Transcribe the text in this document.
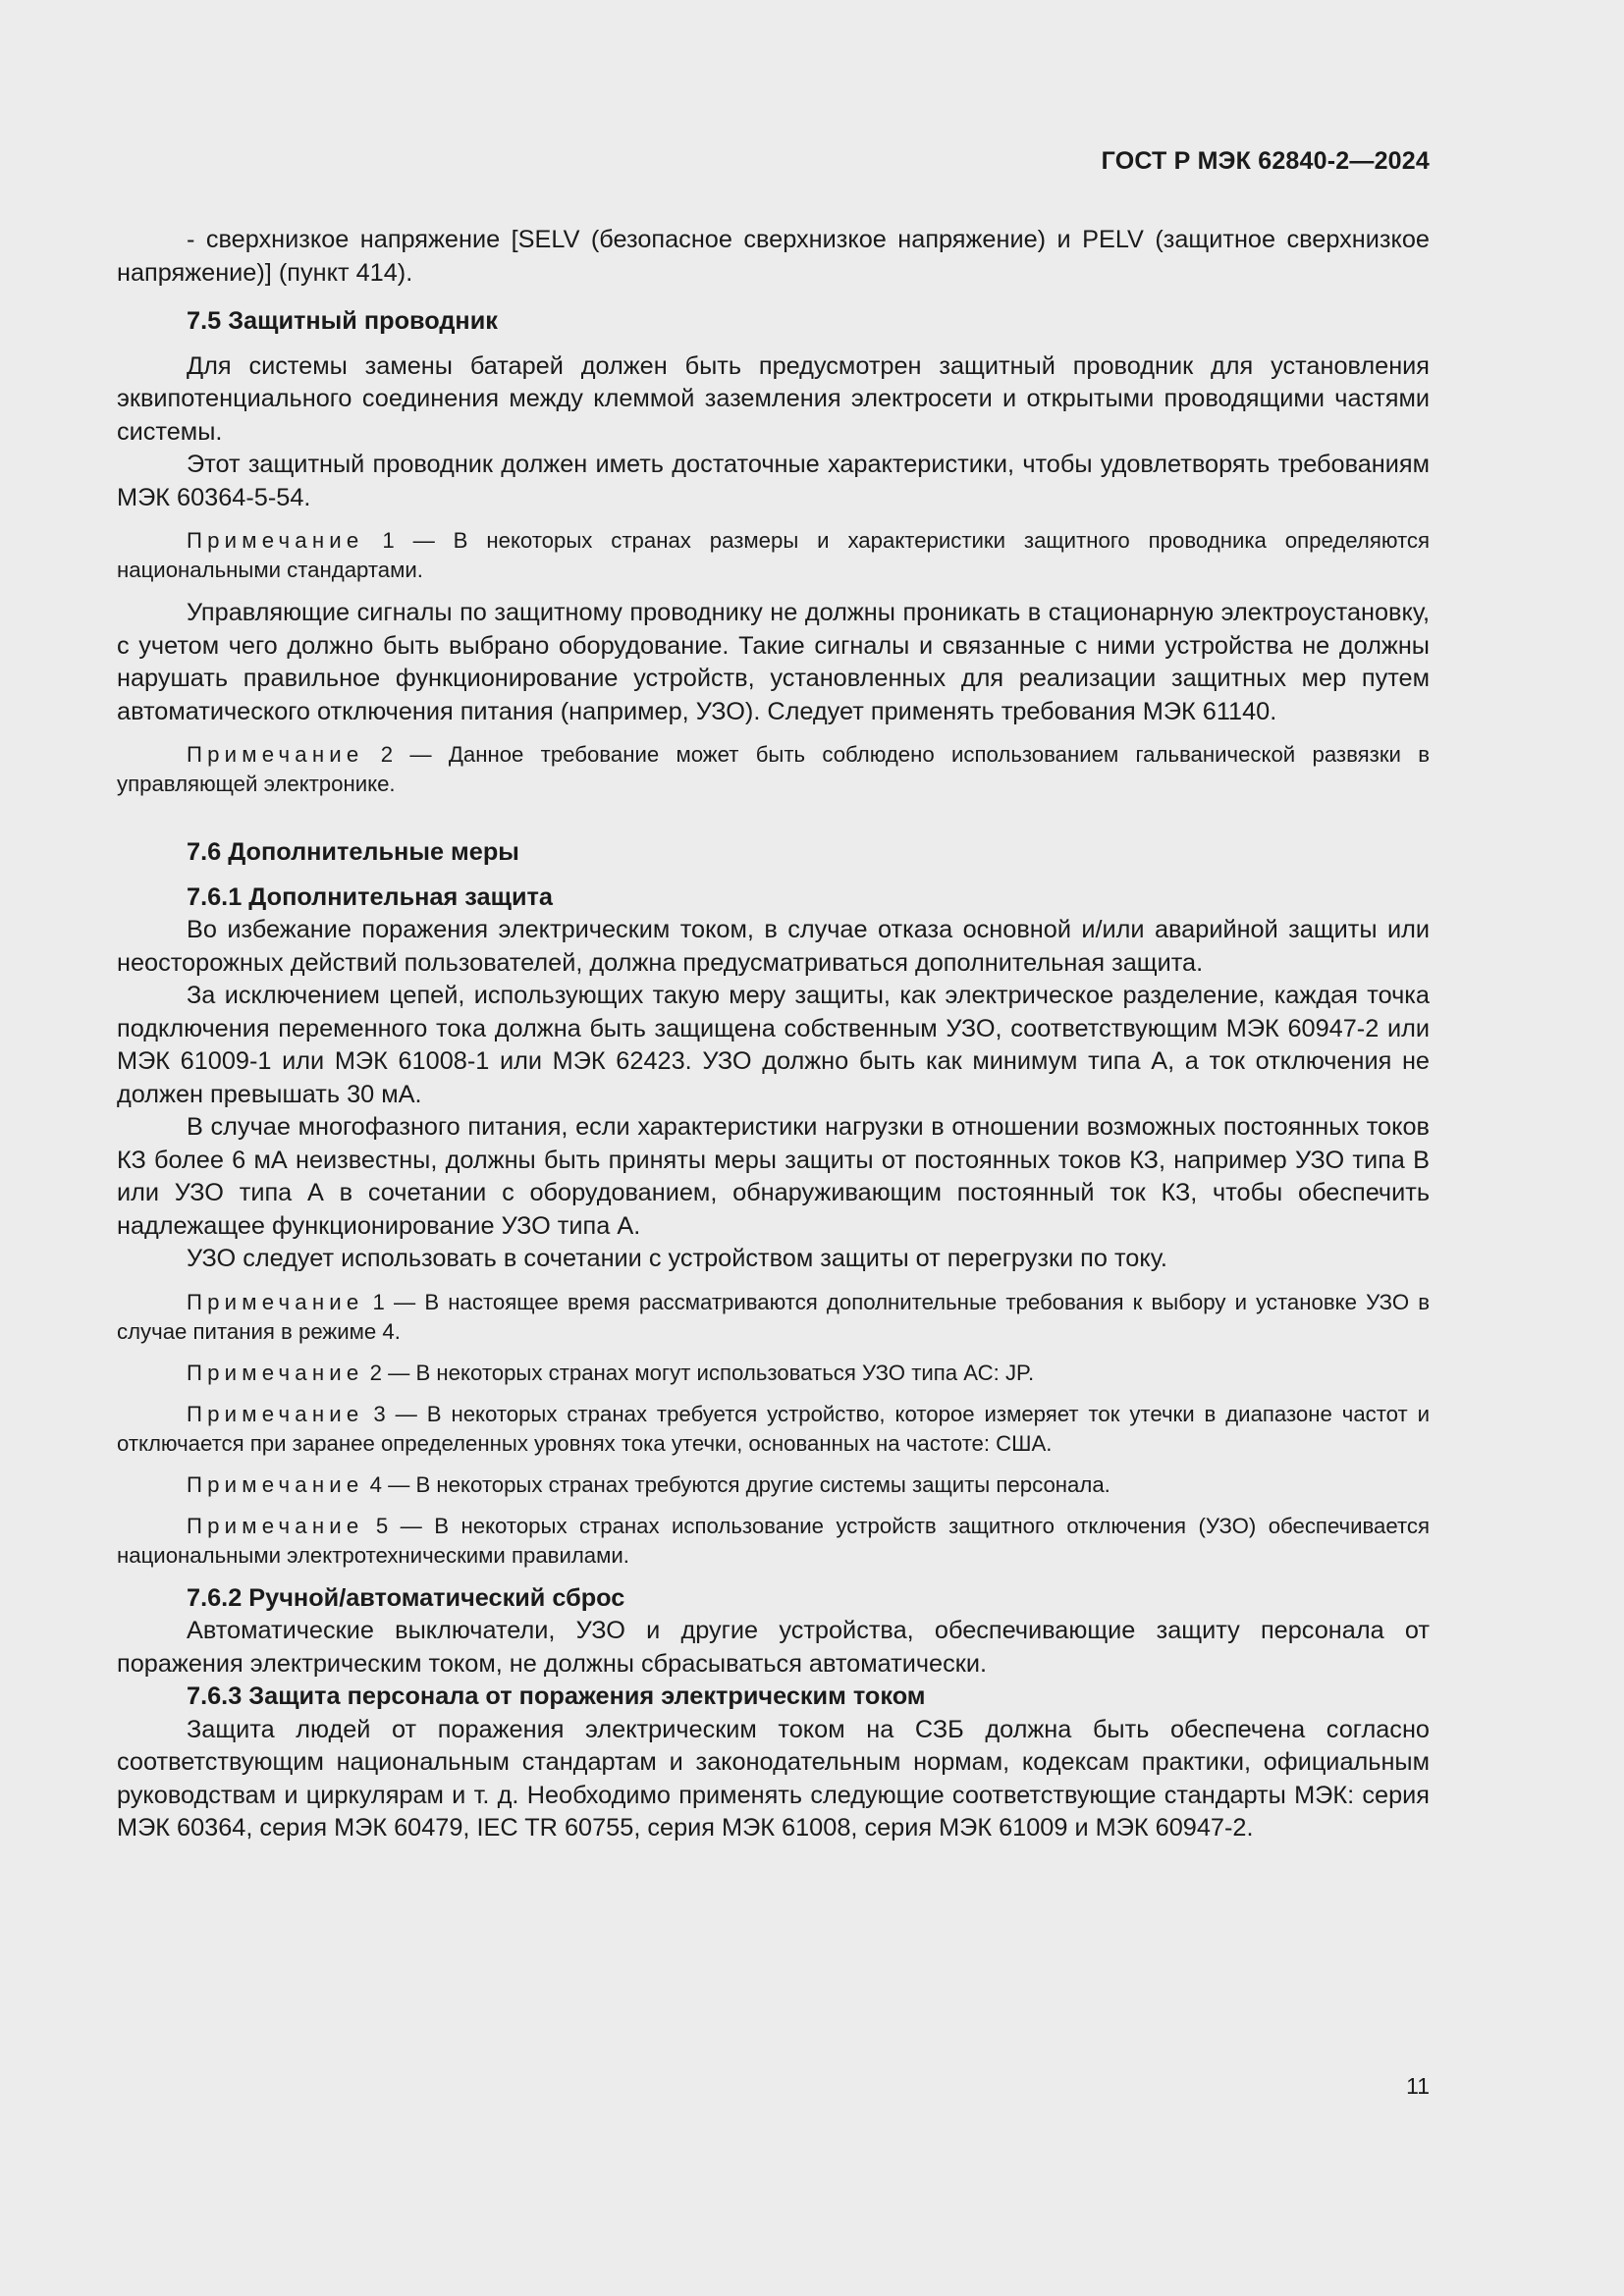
ГОСТ Р МЭК 62840-2—2024

- сверхнизкое напряжение [SELV (безопасное сверхнизкое напряжение) и PELV (защитное сверхнизкое напряжение)] (пункт 414).

7.5 Защитный проводник

Для системы замены батарей должен быть предусмотрен защитный проводник для установления эквипотенциального соединения между клеммой заземления электросети и открытыми проводящими частями системы.

Этот защитный проводник должен иметь достаточные характеристики, чтобы удовлетворять требованиям МЭК 60364-5-54.

Примечание 1 — В некоторых странах размеры и характеристики защитного проводника определяются национальными стандартами.

Управляющие сигналы по защитному проводнику не должны проникать в стационарную электроустановку, с учетом чего должно быть выбрано оборудование. Такие сигналы и связанные с ними устройства не должны нарушать правильное функционирование устройств, установленных для реализации защитных мер путем автоматического отключения питания (например, УЗО). Следует применять требования МЭК 61140.

Примечание 2 — Данное требование может быть соблюдено использованием гальванической развязки в управляющей электронике.
7.6 Дополнительные меры
7.6.1 Дополнительная защита

Во избежание поражения электрическим током, в случае отказа основной и/или аварийной защиты или неосторожных действий пользователей, должна предусматриваться дополнительная защита.

За исключением цепей, использующих такую меру защиты, как электрическое разделение, каждая точка подключения переменного тока должна быть защищена собственным УЗО, соответствующим МЭК 60947-2 или МЭК 61009-1 или МЭК 61008-1 или МЭК 62423. УЗО должно быть как минимум типа А, а ток отключения не должен превышать 30 мА.

В случае многофазного питания, если характеристики нагрузки в отношении возможных постоянных токов КЗ более 6 мА неизвестны, должны быть приняты меры защиты от постоянных токов КЗ, например УЗО типа В или УЗО типа А в сочетании с оборудованием, обнаруживающим постоянный ток КЗ, чтобы обеспечить надлежащее функционирование УЗО типа А.

УЗО следует использовать в сочетании с устройством защиты от перегрузки по току.

Примечание 1 — В настоящее время рассматриваются дополнительные требования к выбору и установке УЗО в случае питания в режиме 4.
Примечание 2 — В некоторых странах могут использоваться УЗО типа АС: JP.
Примечание 3 — В некоторых странах требуется устройство, которое измеряет ток утечки в диапазоне частот и отключается при заранее определенных уровнях тока утечки, основанных на частоте: США.
Примечание 4 — В некоторых странах требуются другие системы защиты персонала.
Примечание 5 — В некоторых странах использование устройств защитного отключения (УЗО) обеспечивается национальными электротехническими правилами.
7.6.2 Ручной/автоматический сброс

Автоматические выключатели, УЗО и другие устройства, обеспечивающие защиту персонала от поражения электрическим током, не должны сбрасываться автоматически.

7.6.3 Защита персонала от поражения электрическим током

Защита людей от поражения электрическим током на СЗБ должна быть обеспечена согласно соответствующим национальным стандартам и законодательным нормам, кодексам практики, официальным руководствам и циркулярам и т. д. Необходимо применять следующие соответствующие стандарты МЭК: серия МЭК 60364, серия МЭК 60479, IEC TR 60755, серия МЭК 61008, серия МЭК 61009 и МЭК 60947-2.

11
